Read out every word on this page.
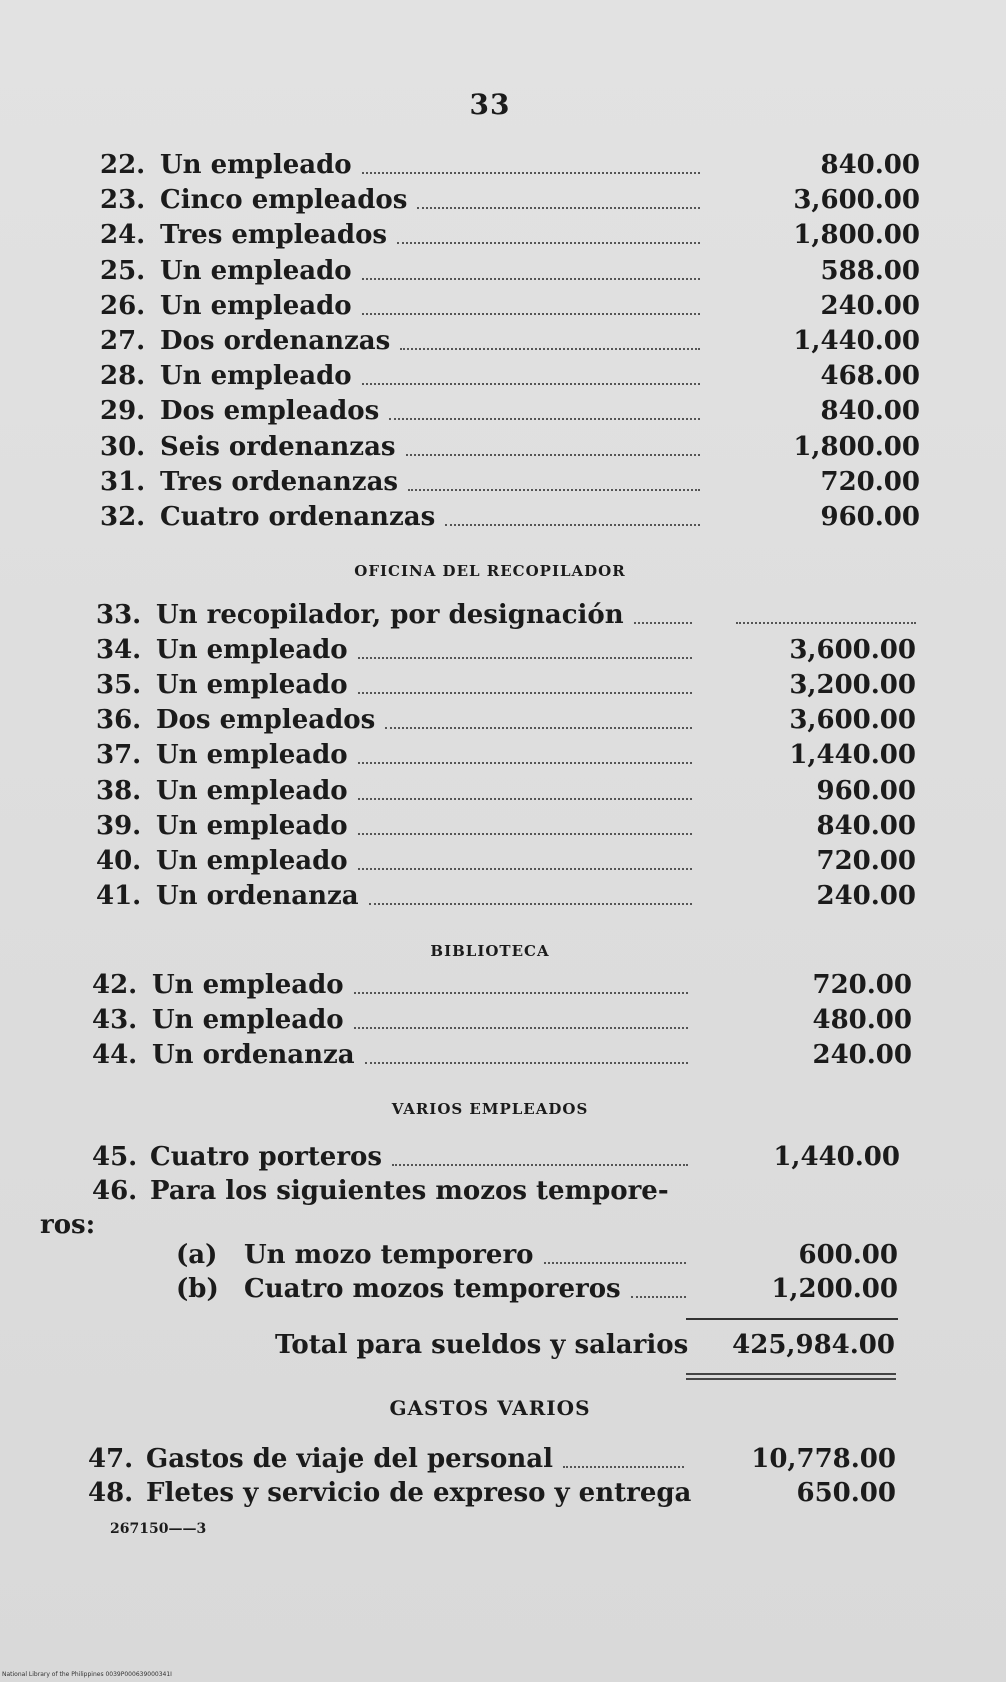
33
22. Un empleado	840.00
23. Cinco empleados	3,600.00
24. Tres empleados	1,800.00
25. Un empleado	588.00
26. Un empleado	240.00
27. Dos ordenanzas	1,440.00
28. Un empleado	468.00
29. Dos empleados	840.00
30. Seis ordenanzas	1,800.00
31. Tres ordenanzas	720.00
32. Cuatro ordenanzas	960.00
33. Un recopilador, por designación
34. Un empleado	3,600.00
35. Un empleado	3,200.00
36. Dos empleados	3,600.00
37. Un empleado	1,440.00
38. Un empleado	960.00
39. Un empleado	840.00
40. Un empleado	720.00
41. Un ordenanza	240.00
42. Un empleado	720.00
43. Un empleado	480.00
44. Un ordenanza	240.00
45. Cuatro porteros	1,440.00
46. Para los siguientes mozos tempore-
(a) Un mozo temporero	600.00
(b) Cuatro mozos temporeros	1,200.00
47. Gastos de viaje del personal	10,778.00
48. Fletes y servicio de expreso y entrega	650.00
OFICINA DEL RECOPILADOR
BIBLIOTECA
VARIOS EMPLEADOS
ros:
Total para sueldos y salarios	425,984.00
GASTOS VARIOS
267150——3
National Library of the Philippines 0039P000639000341I
